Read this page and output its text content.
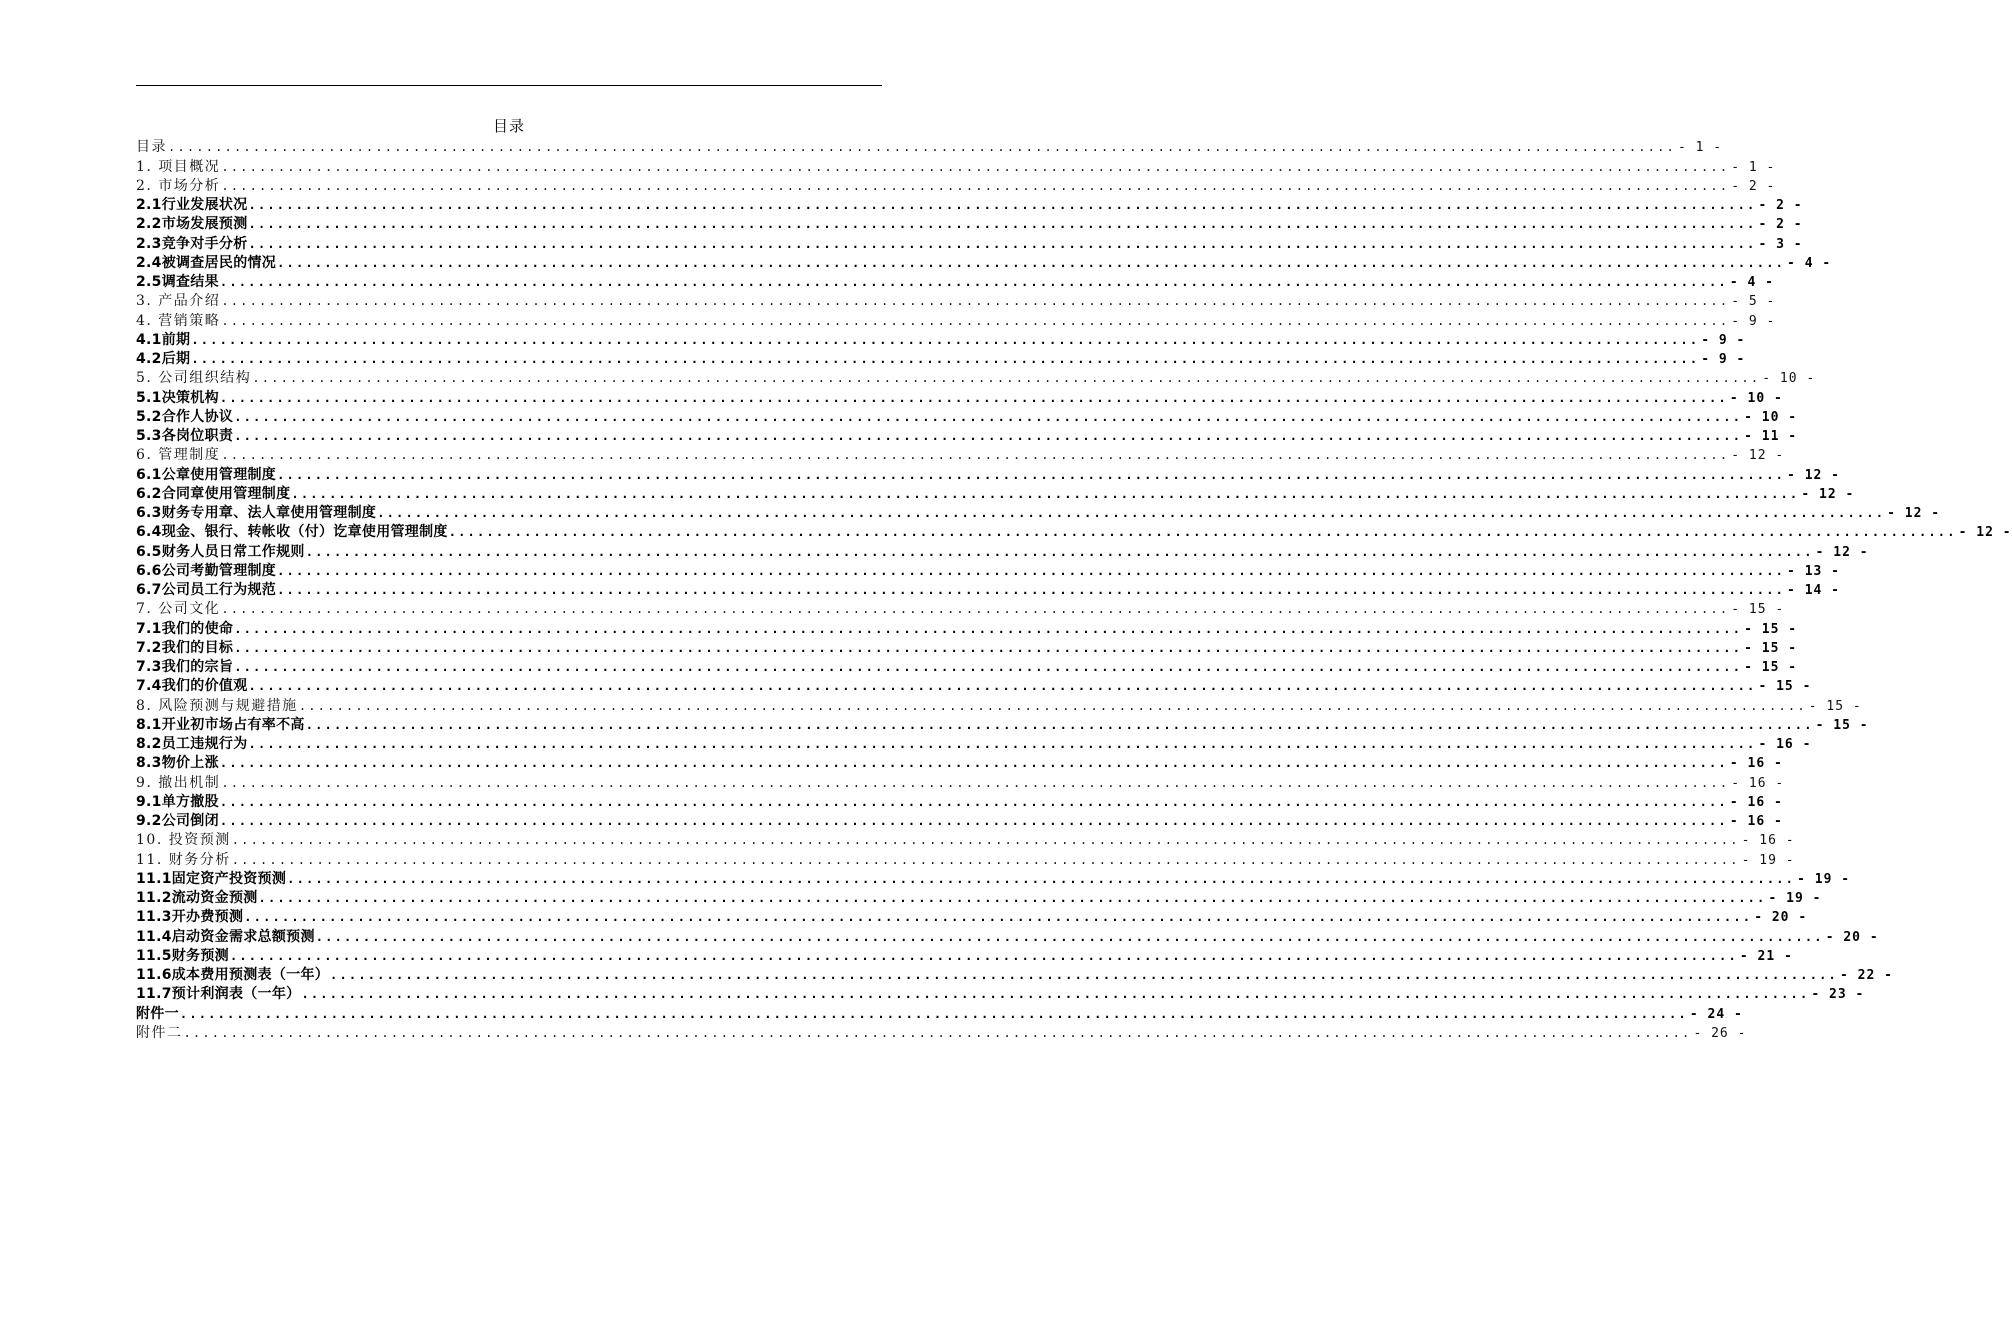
目录
目录 ................................................................................................................................................................ - 1 -
1. 项目概况 ................................................................................................................................................................ - 1 -
2. 市场分析 ................................................................................................................................................................ - 2 -
2.1行业发展状况 ................................................................................................................................................................ - 2 -
2.2市场发展预测 ................................................................................................................................................................ - 2 -
2.3竞争对手分析 ................................................................................................................................................................ - 3 -
2.4被调查居民的情况 ................................................................................................................................................................ - 4 -
2.5调查结果 ................................................................................................................................................................ - 4 -
3. 产品介绍 ................................................................................................................................................................ - 5 -
4. 营销策略 ................................................................................................................................................................ - 9 -
4.1前期 ................................................................................................................................................................ - 9 -
4.2后期 ................................................................................................................................................................ - 9 -
5. 公司组织结构 ................................................................................................................................................................ - 10 -
5.1决策机构 ................................................................................................................................................................ - 10 -
5.2合作人协议 ................................................................................................................................................................ - 10 -
5.3各岗位职责 ................................................................................................................................................................ - 11 -
6. 管理制度 ................................................................................................................................................................ - 12 -
6.1公章使用管理制度 ................................................................................................................................................................ - 12 -
6.2合同章使用管理制度 ................................................................................................................................................................ - 12 -
6.3财务专用章、法人章使用管理制度 ................................................................................................................................................................ - 12 -
6.4现金、银行、转帐收（付）讫章使用管理制度 ................................................................................................................................................................ - 12 -
6.5财务人员日常工作规则 ................................................................................................................................................................ - 12 -
6.6公司考勤管理制度 ................................................................................................................................................................ - 13 -
6.7公司员工行为规范 ................................................................................................................................................................ - 14 -
7. 公司文化 ................................................................................................................................................................ - 15 -
7.1我们的使命 ................................................................................................................................................................ - 15 -
7.2我们的目标 ................................................................................................................................................................ - 15 -
7.3我们的宗旨 ................................................................................................................................................................ - 15 -
7.4我们的价值观 ................................................................................................................................................................ - 15 -
8. 风险预测与规避措施 ................................................................................................................................................................ - 15 -
8.1开业初市场占有率不高 ................................................................................................................................................................ - 15 -
8.2员工违规行为 ................................................................................................................................................................ - 16 -
8.3物价上涨 ................................................................................................................................................................ - 16 -
9. 撤出机制 ................................................................................................................................................................ - 16 -
9.1单方撤股 ................................................................................................................................................................ - 16 -
9.2公司倒闭 ................................................................................................................................................................ - 16 -
10. 投资预测 ................................................................................................................................................................ - 16 -
11. 财务分析 ................................................................................................................................................................ - 19 -
11.1固定资产投资预测 ................................................................................................................................................................ - 19 -
11.2流动资金预测 ................................................................................................................................................................ - 19 -
11.3开办费预测 ................................................................................................................................................................ - 20 -
11.4启动资金需求总额预测 ................................................................................................................................................................ - 20 -
11.5财务预测 ................................................................................................................................................................ - 21 -
11.6成本费用预测表（一年） ................................................................................................................................................................ - 22 -
11.7预计利润表（一年） ................................................................................................................................................................ - 23 -
附件一 ................................................................................................................................................................ - 24 -
附件二 ................................................................................................................................................................ - 26 -
